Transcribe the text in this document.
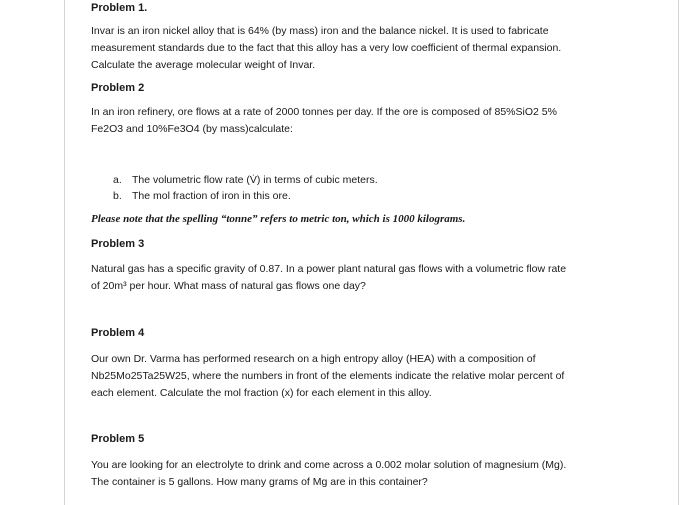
Problem 1.
Invar is an iron nickel alloy that is 64% (by mass) iron and the balance nickel. It is used to fabricate
measurement standards due to the fact that this alloy has a very low coefficient of thermal expansion.
Calculate the average molecular weight of Invar.
Problem 2
In an iron refinery, ore flows at a rate of 2000 tonnes per day. If the ore is composed of 85%SiO2 5%
Fe2O3 and 10%Fe3O4 (by mass)calculate:
a. The volumetric flow rate (V̇) in terms of cubic meters.
b. The mol fraction of iron in this ore.
Please note that the spelling “tonne” refers to metric ton, which is 1000 kilograms.
Problem 3
Natural gas has a specific gravity of 0.87. In a power plant natural gas flows with a volumetric flow rate
of 20m³ per hour. What mass of natural gas flows one day?
Problem 4
Our own Dr. Varma has performed research on a high entropy alloy (HEA) with a composition of
Nb25Mo25Ta25W25, where the numbers in front of the elements indicate the relative molar percent of
each element. Calculate the mol fraction (x) for each element in this alloy.
Problem 5
You are looking for an electrolyte to drink and come across a 0.002 molar solution of magnesium (Mg).
The container is 5 gallons. How many grams of Mg are in this container?
